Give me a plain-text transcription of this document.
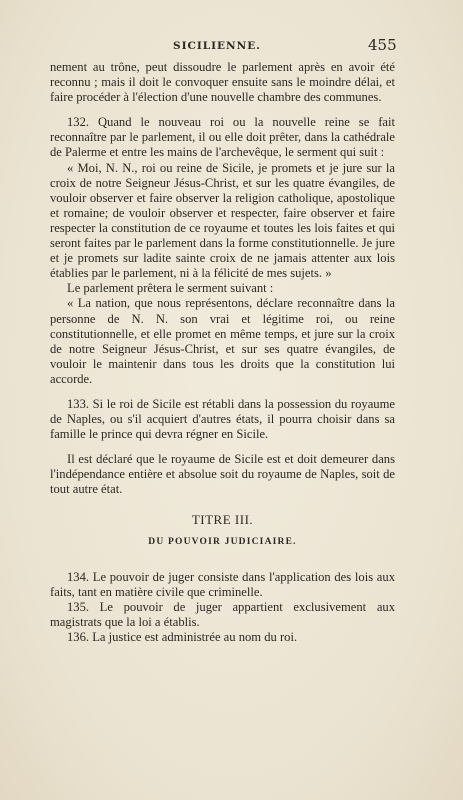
SICILIENNE.	455

nement au trône, peut dissoudre le parlement après en avoir été reconnu ; mais il doit le convoquer ensuite sans le moindre délai, et faire procéder à l'élection d'une nouvelle chambre des communes.

132. Quand le nouveau roi ou la nouvelle reine se fait reconnaître par le parlement, il ou elle doit prêter, dans la cathédrale de Palerme et entre les mains de l'archevêque, le serment qui suit :

« Moi, N. N., roi ou reine de Sicile, je promets et je jure sur la croix de notre Seigneur Jésus-Christ, et sur les quatre évangiles, de vouloir observer et faire observer la religion catholique, apostolique et romaine; de vouloir observer et respecter, faire observer et faire respecter la constitution de ce royaume et toutes les lois faites et qui seront faites par le parlement dans la forme constitutionnelle. Je jure et je promets sur ladite sainte croix de ne jamais attenter aux lois établies par le parlement, ni à la félicité de mes sujets. »

Le parlement prêtera le serment suivant :

« La nation, que nous représentons, déclare reconnaître dans la personne de N. N. son vrai et légitime roi, ou reine constitutionnelle, et elle promet en même temps, et jure sur la croix de notre Seigneur Jésus-Christ, et sur ses quatre évangiles, de vouloir le maintenir dans tous les droits que la constitution lui accorde.

133. Si le roi de Sicile est rétabli dans la possession du royaume de Naples, ou s'il acquiert d'autres états, il pourra choisir dans sa famille le prince qui devra régner en Sicile.

Il est déclaré que le royaume de Sicile est et doit demeurer dans l'indépendance entière et absolue soit du royaume de Naples, soit de tout autre état.

TITRE III.

DU POUVOIR JUDICIAIRE.

134. Le pouvoir de juger consiste dans l'application des lois aux faits, tant en matière civile que criminelle.

135. Le pouvoir de juger appartient exclusivement aux magistrats que la loi a établis.

136. La justice est administrée au nom du roi.
